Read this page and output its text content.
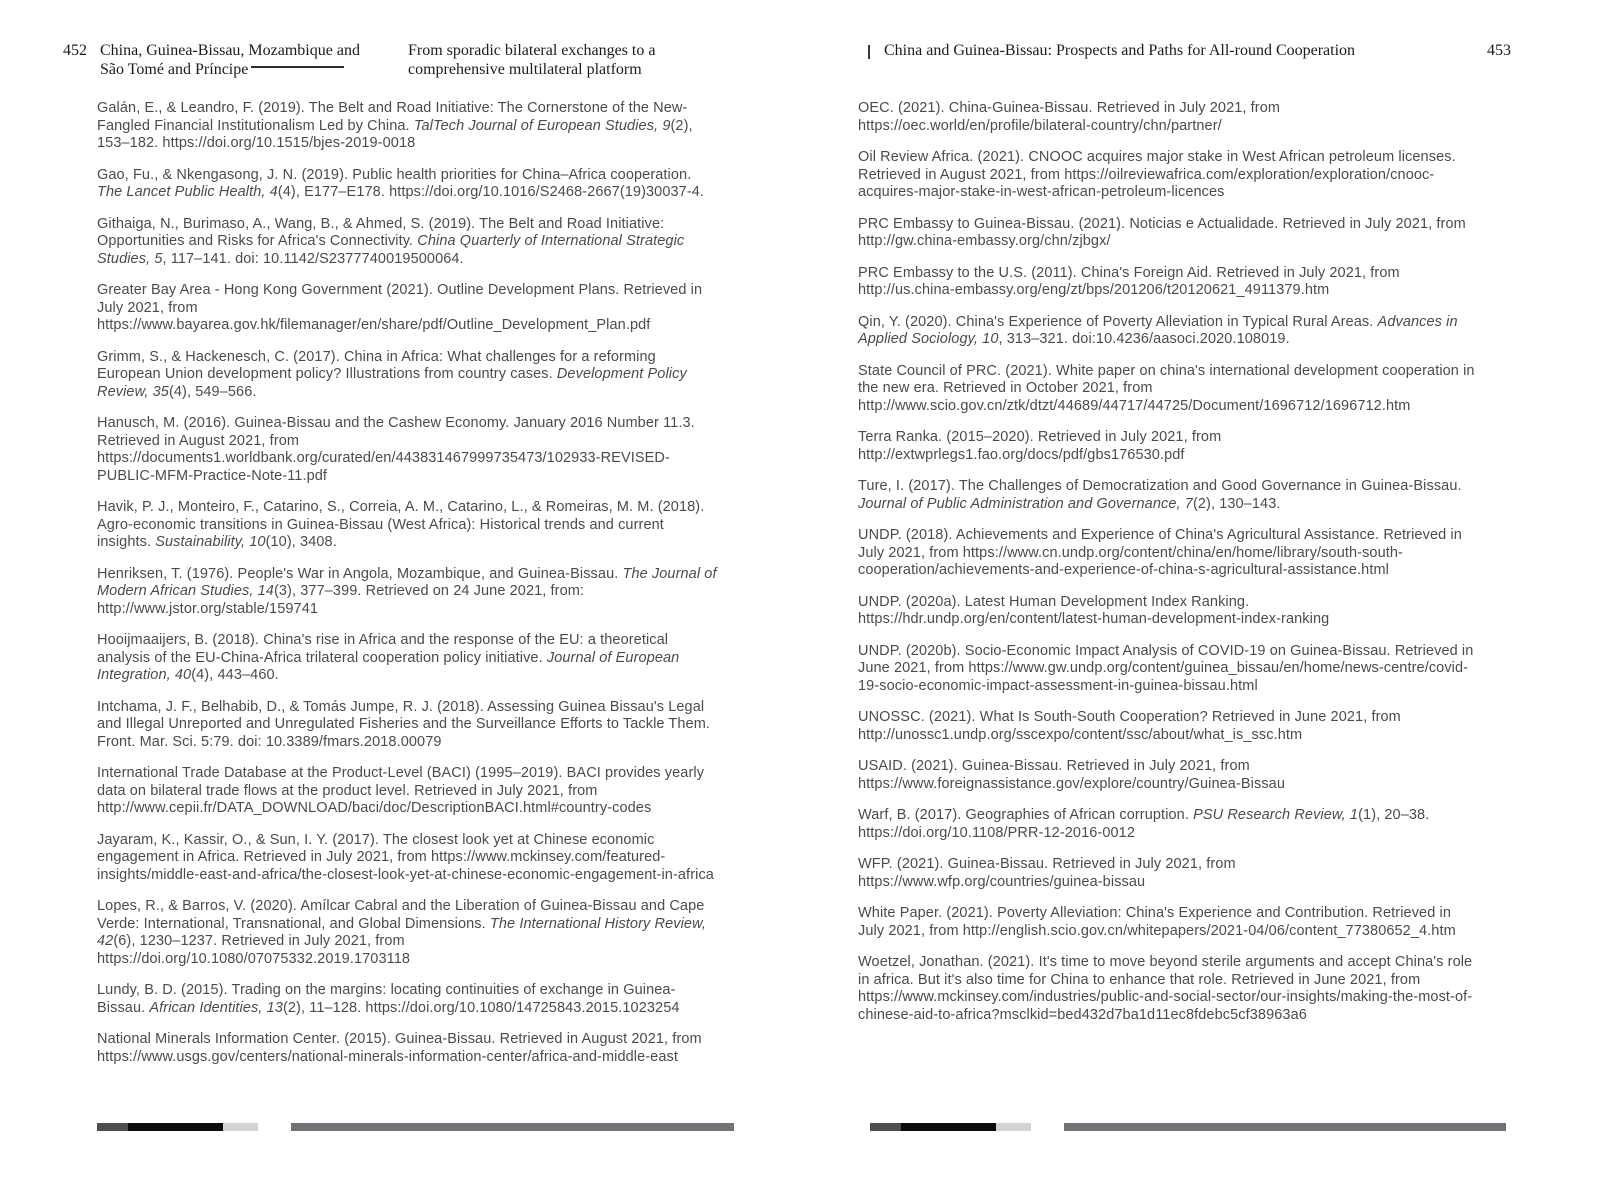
452 China, Guinea-Bissau, Mozambique and
São Tomé and Príncipe
From sporadic bilateral exchanges to a
comprehensive multilateral platform

Galán, E., & Leandro, F. (2019). The Belt and Road Initiative: The Cornerstone of the New-Fangled Financial Institutionalism Led by China. TalTech Journal of European Studies, 9(2), 153–182. https://doi.org/10.1515/bjes-2019-0018

Gao, Fu., & Nkengasong, J. N. (2019). Public health priorities for China–Africa cooperation. The Lancet Public Health, 4(4), E177–E178. https://doi.org/10.1016/S2468-2667(19)30037-4.

Githaiga, N., Burimaso, A., Wang, B., & Ahmed, S. (2019). The Belt and Road Initiative: Opportunities and Risks for Africa's Connectivity. China Quarterly of International Strategic Studies, 5, 117–141. doi: 10.1142/S2377740019500064.

Greater Bay Area - Hong Kong Government (2021). Outline Development Plans. Retrieved in July 2021, from https://www.bayarea.gov.hk/filemanager/en/share/pdf/Outline_Development_Plan.pdf

Grimm, S., & Hackenesch, C. (2017). China in Africa: What challenges for a reforming European Union development policy? Illustrations from country cases. Development Policy Review, 35(4), 549–566.

Hanusch, M. (2016). Guinea-Bissau and the Cashew Economy. January 2016 Number 11.3. Retrieved in August 2021, from https://documents1.worldbank.org/curated/en/443831467999735473/102933-REVISED-PUBLIC-MFM-Practice-Note-11.pdf

Havik, P. J., Monteiro, F., Catarino, S., Correia, A. M., Catarino, L., & Romeiras, M. M. (2018). Agro-economic transitions in Guinea-Bissau (West Africa): Historical trends and current insights. Sustainability, 10(10), 3408.

Henriksen, T. (1976). People's War in Angola, Mozambique, and Guinea-Bissau. The Journal of Modern African Studies, 14(3), 377–399. Retrieved on 24 June 2021, from: http://www.jstor.org/stable/159741

Hooijmaaijers, B. (2018). China's rise in Africa and the response of the EU: a theoretical analysis of the EU-China-Africa trilateral cooperation policy initiative. Journal of European Integration, 40(4), 443–460.

Intchama, J. F., Belhabib, D., & Tomás Jumpe, R. J. (2018). Assessing Guinea Bissau's Legal and Illegal Unreported and Unregulated Fisheries and the Surveillance Efforts to Tackle Them. Front. Mar. Sci. 5:79. doi: 10.3389/fmars.2018.00079

International Trade Database at the Product-Level (BACI) (1995–2019). BACI provides yearly data on bilateral trade flows at the product level. Retrieved in July 2021, from http://www.cepii.fr/DATA_DOWNLOAD/baci/doc/DescriptionBACI.html#country-codes

Jayaram, K., Kassir, O., & Sun, I. Y. (2017). The closest look yet at Chinese economic engagement in Africa. Retrieved in July 2021, from https://www.mckinsey.com/featured-insights/middle-east-and-africa/the-closest-look-yet-at-chinese-economic-engagement-in-africa

Lopes, R., & Barros, V. (2020). Amílcar Cabral and the Liberation of Guinea-Bissau and Cape Verde: International, Transnational, and Global Dimensions. The International History Review, 42(6), 1230–1237. Retrieved in July 2021, from https://doi.org/10.1080/07075332.2019.1703118

Lundy, B. D. (2015). Trading on the margins: locating continuities of exchange in Guinea-Bissau. African Identities, 13(2), 11–128. https://doi.org/10.1080/14725843.2015.1023254

National Minerals Information Center. (2015). Guinea-Bissau. Retrieved in August 2021, from https://www.usgs.gov/centers/national-minerals-information-center/africa-and-middle-east

China and Guinea-Bissau: Prospects and Paths for All-round Cooperation	453

OEC. (2021). China-Guinea-Bissau. Retrieved in July 2021, from https://oec.world/en/profile/bilateral-country/chn/partner/

Oil Review Africa. (2021). CNOOC acquires major stake in West African petroleum licenses. Retrieved in August 2021, from https://oilreviewafrica.com/exploration/exploration/cnooc-acquires-major-stake-in-west-african-petroleum-licences

PRC Embassy to Guinea-Bissau. (2021). Noticias e Actualidade. Retrieved in July 2021, from http://gw.china-embassy.org/chn/zjbgx/

PRC Embassy to the U.S. (2011). China's Foreign Aid. Retrieved in July 2021, from http://us.china-embassy.org/eng/zt/bps/201206/t20120621_4911379.htm

Qin, Y. (2020). China's Experience of Poverty Alleviation in Typical Rural Areas. Advances in Applied Sociology, 10, 313–321. doi:10.4236/aasoci.2020.108019.

State Council of PRC. (2021). White paper on china's international development cooperation in the new era. Retrieved in October 2021, from http://www.scio.gov.cn/ztk/dtzt/44689/44717/44725/Document/1696712/1696712.htm

Terra Ranka. (2015–2020). Retrieved in July 2021, from http://extwprlegs1.fao.org/docs/pdf/gbs176530.pdf

Ture, I. (2017). The Challenges of Democratization and Good Governance in Guinea-Bissau. Journal of Public Administration and Governance, 7(2), 130–143.

UNDP. (2018). Achievements and Experience of China's Agricultural Assistance. Retrieved in July 2021, from https://www.cn.undp.org/content/china/en/home/library/south-south-cooperation/achievements-and-experience-of-china-s-agricultural-assistance.html

UNDP. (2020a). Latest Human Development Index Ranking. https://hdr.undp.org/en/content/latest-human-development-index-ranking

UNDP. (2020b). Socio-Economic Impact Analysis of COVID-19 on Guinea-Bissau. Retrieved in June 2021, from https://www.gw.undp.org/content/guinea_bissau/en/home/news-centre/covid-19-socio-economic-impact-assessment-in-guinea-bissau.html

UNOSSC. (2021). What Is South-South Cooperation? Retrieved in June 2021, from http://unossc1.undp.org/sscexpo/content/ssc/about/what_is_ssc.htm

USAID. (2021). Guinea-Bissau. Retrieved in July 2021, from https://www.foreignassistance.gov/explore/country/Guinea-Bissau

Warf, B. (2017). Geographies of African corruption. PSU Research Review, 1(1), 20–38. https://doi.org/10.1108/PRR-12-2016-0012

WFP. (2021). Guinea-Bissau. Retrieved in July 2021, from https://www.wfp.org/countries/guinea-bissau

White Paper. (2021). Poverty Alleviation: China's Experience and Contribution. Retrieved in July 2021, from http://english.scio.gov.cn/whitepapers/2021-04/06/content_77380652_4.htm

Woetzel, Jonathan. (2021). It's time to move beyond sterile arguments and accept China's role in africa. But it's also time for China to enhance that role. Retrieved in June 2021, from https://www.mckinsey.com/industries/public-and-social-sector/our-insights/making-the-most-of-chinese-aid-to-africa?msclkid=bed432d7ba1d11ec8fdebc5cf38963a6
